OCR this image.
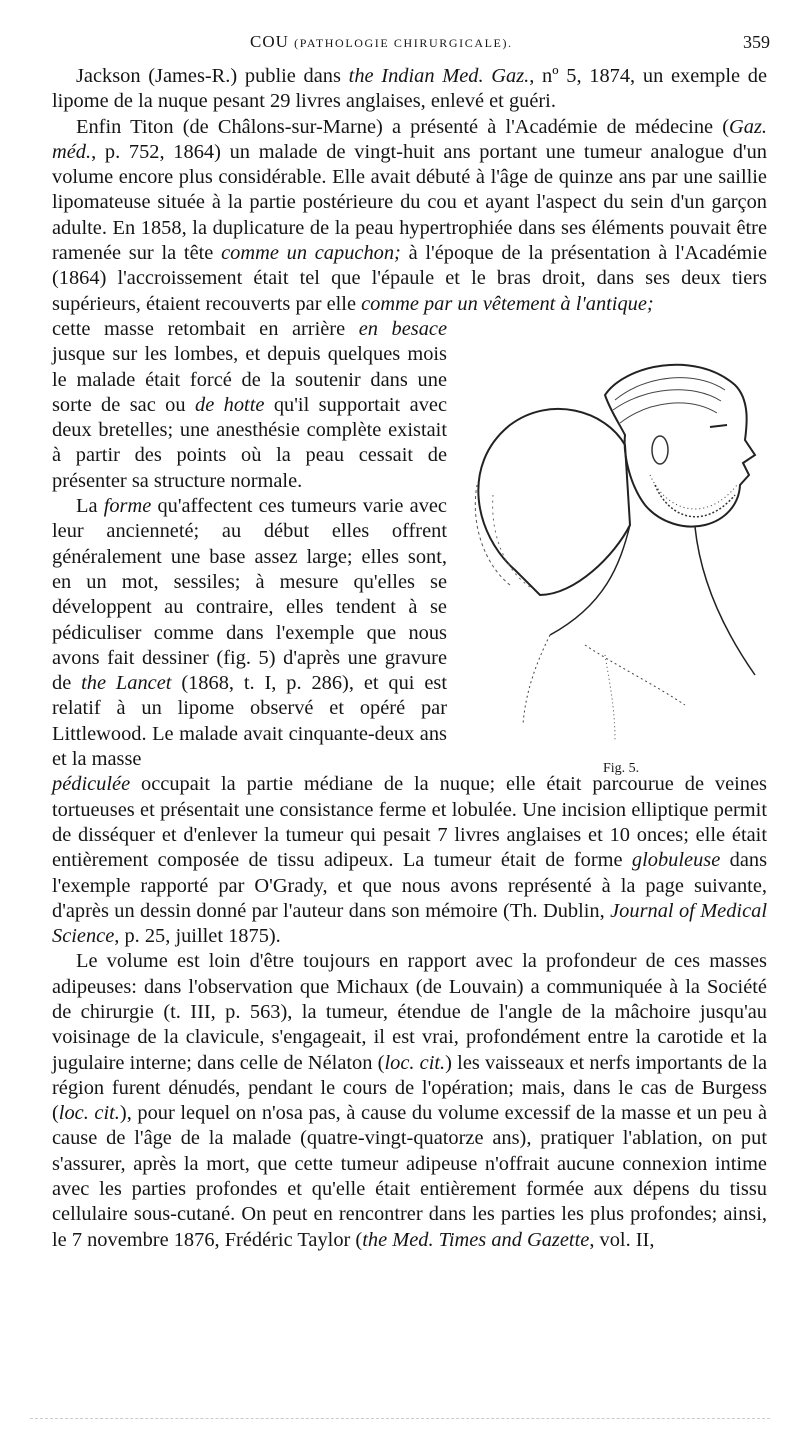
COU (PATHOLOGIE CHIRURGICALE).	359
Fig. 5.

Jackson (James-R.) publie dans the Indian Med. Gaz., nº 5, 1874, un exemple de lipome de la nuque pesant 29 livres anglaises, enlevé et guéri.

Enfin Titon (de Châlons-sur-Marne) a présenté à l'Académie de médecine (Gaz. méd., p. 752, 1864) un malade de vingt-huit ans portant une tumeur analogue d'un volume encore plus considérable. Elle avait débuté à l'âge de quinze ans par une saillie lipomateuse située à la partie postérieure du cou et ayant l'aspect du sein d'un garçon adulte. En 1858, la duplicature de la peau hypertrophiée dans ses éléments pouvait être ramenée sur la tête comme un capuchon; à l'époque de la présentation à l'Académie (1864) l'accroissement était tel que l'épaule et le bras droit, dans ses deux tiers supérieurs, étaient recouverts par elle comme par un vêtement à l'antique;

cette masse retombait en arrière en besace jusque sur les lombes, et depuis quelques mois le malade était forcé de la soutenir dans une sorte de sac ou de hotte qu'il supportait avec deux bretelles; une anesthésie complète existait à partir des points où la peau cessait de présenter sa structure normale.

La forme qu'affectent ces tumeurs varie avec leur ancienneté; au début elles offrent généralement une base assez large; elles sont, en un mot, sessiles; à mesure qu'elles se développent au contraire, elles tendent à se pédiculiser comme dans l'exemple que nous avons fait dessiner (fig. 5) d'après une gravure de the Lancet (1868, t. I, p. 286), et qui est relatif à un lipome observé et opéré par Littlewood. Le malade avait cinquante-deux ans et la masse

pédiculée occupait la partie médiane de la nuque; elle était parcourue de veines tortueuses et présentait une consistance ferme et lobulée. Une incision elliptique permit de disséquer et d'enlever la tumeur qui pesait 7 livres anglaises et 10 onces; elle était entièrement composée de tissu adipeux. La tumeur était de forme globuleuse dans l'exemple rapporté par O'Grady, et que nous avons représenté à la page suivante, d'après un dessin donné par l'auteur dans son mémoire (Th. Dublin, Journal of Medical Science, p. 25, juillet 1875).

Le volume est loin d'être toujours en rapport avec la profondeur de ces masses adipeuses: dans l'observation que Michaux (de Louvain) a communiquée à la Société de chirurgie (t. III, p. 563), la tumeur, étendue de l'angle de la mâchoire jusqu'au voisinage de la clavicule, s'engageait, il est vrai, profondément entre la carotide et la jugulaire interne; dans celle de Nélaton (loc. cit.) les vaisseaux et nerfs importants de la région furent dénudés, pendant le cours de l'opération; mais, dans le cas de Burgess (loc. cit.), pour lequel on n'osa pas, à cause du volume excessif de la masse et un peu à cause de l'âge de la malade (quatre-vingt-quatorze ans), pratiquer l'ablation, on put s'assurer, après la mort, que cette tumeur adipeuse n'offrait aucune connexion intime avec les parties profondes et qu'elle était entièrement formée aux dépens du tissu cellulaire sous-cutané. On peut en rencontrer dans les parties les plus profondes; ainsi, le 7 novembre 1876, Frédéric Taylor (the Med. Times and Gazette, vol. II,
